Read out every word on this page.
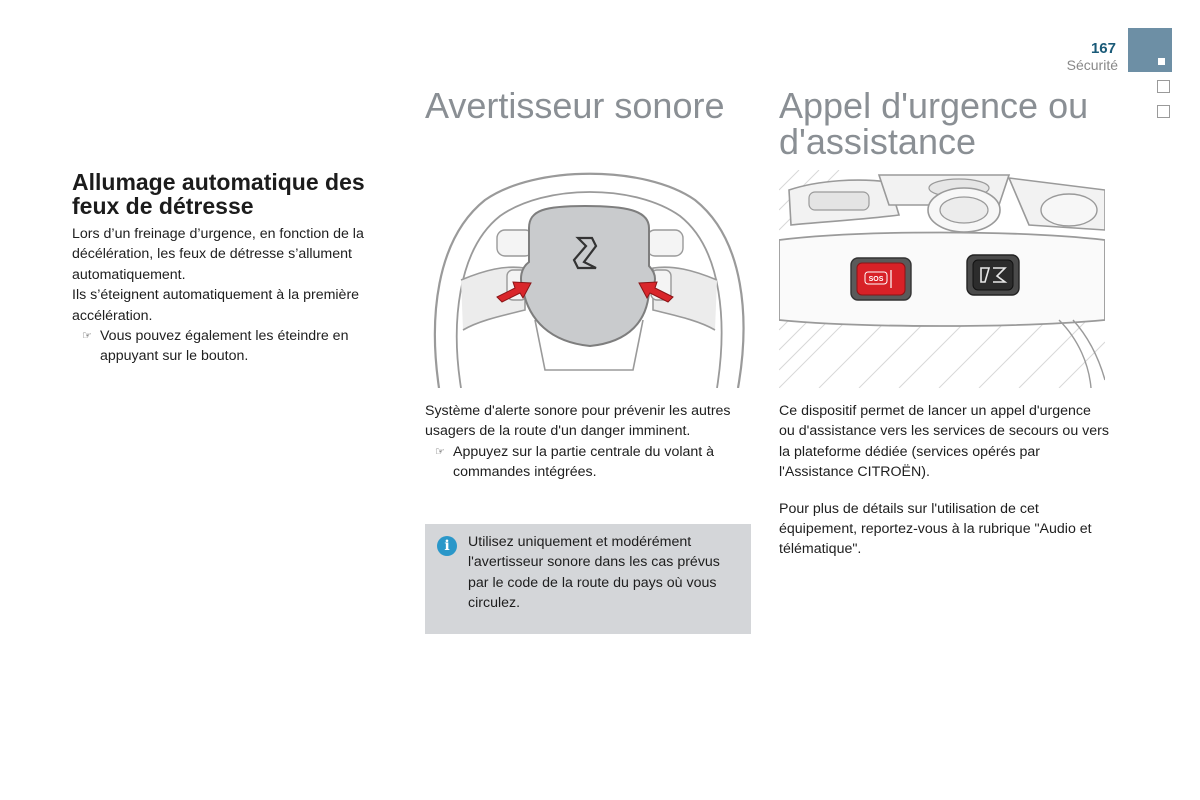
167
Sécurité
Allumage automatique des feux de détresse

Lors d’un freinage d’urgence, en fonction de la décélération, les feux de détresse s’allument automatiquement.

Ils s’éteignent automatiquement à la première accélération.

☞ Vous pouvez également les éteindre en appuyant sur le bouton.

Avertisseur sonore

Système d'alerte sonore pour prévenir les autres usagers de la route d'un danger imminent.

☞ Appuyez sur la partie centrale du volant à commandes intégrées.

i	Utilisez uniquement et modérément l'avertisseur sonore dans les cas prévus par le code de la route du pays où vous circulez.

Appel d'urgence ou d'assistance
SOS

Ce dispositif permet de lancer un appel d'urgence ou d'assistance vers les services de secours ou vers la plateforme dédiée (services opérés par l'Assistance CITROËN).

Pour plus de détails sur l'utilisation de cet équipement, reportez-vous à la rubrique "Audio et télématique".
